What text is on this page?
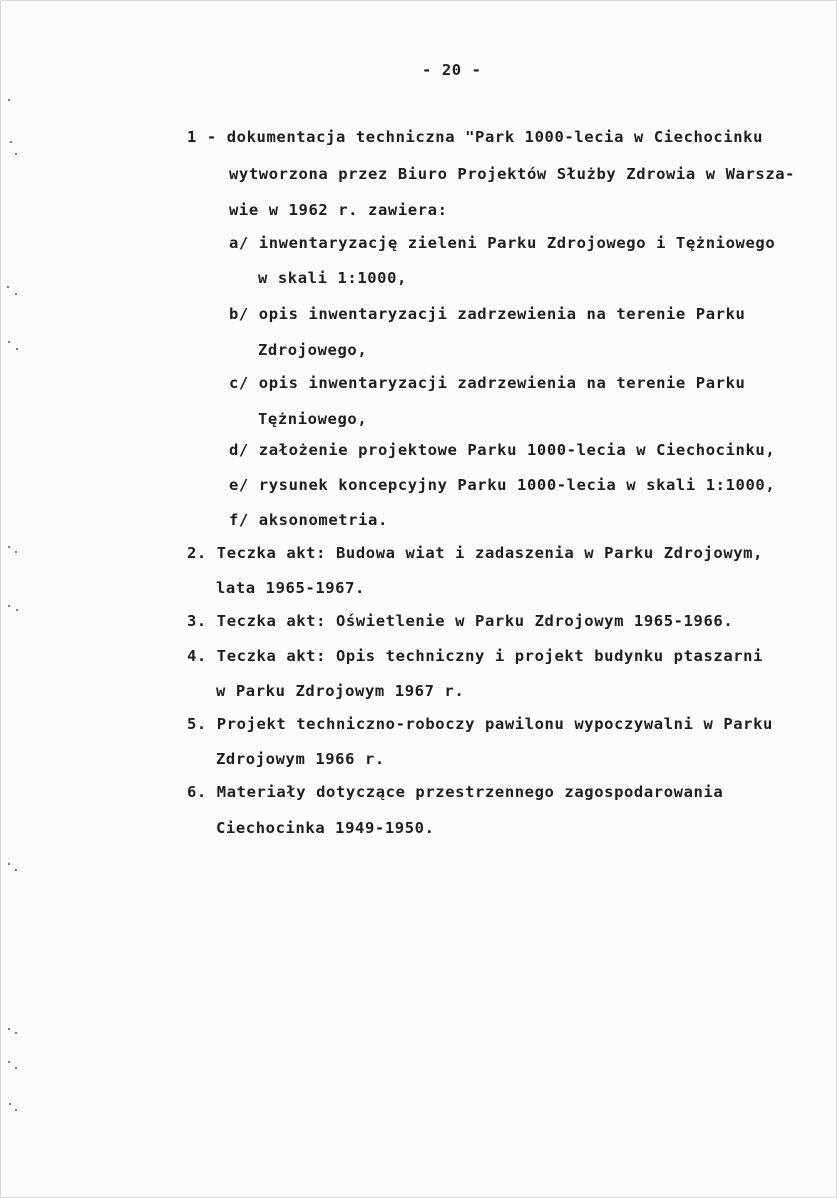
- 20 -
1 - dokumentacja techniczna "Park 1000-lecia w Ciechocinku
wytworzona przez Biuro Projektów Służby Zdrowia w Warsza-
wie w 1962 r. zawiera:
a/ inwentaryzację zieleni Parku Zdrojowego i Tężniowego
w skali 1:1000,
b/ opis inwentaryzacji zadrzewienia na terenie Parku
Zdrojowego,
c/ opis inwentaryzacji zadrzewienia na terenie Parku
Tężniowego,
d/ założenie projektowe Parku 1000-lecia w Ciechocinku,
e/ rysunek koncepcyjny Parku 1000-lecia w skali 1:1000,
f/ aksonometria.
2. Teczka akt: Budowa wiat i zadaszenia w Parku Zdrojowym,
lata 1965-1967.
3. Teczka akt: Oświetlenie w Parku Zdrojowym 1965-1966.
4. Teczka akt: Opis techniczny i projekt budynku ptaszarni
w Parku Zdrojowym 1967 r.
5. Projekt techniczno-roboczy pawilonu wypoczywalni w Parku
Zdrojowym 1966 r.
6. Materiały dotyczące przestrzennego zagospodarowania
Ciechocinka 1949-1950.
